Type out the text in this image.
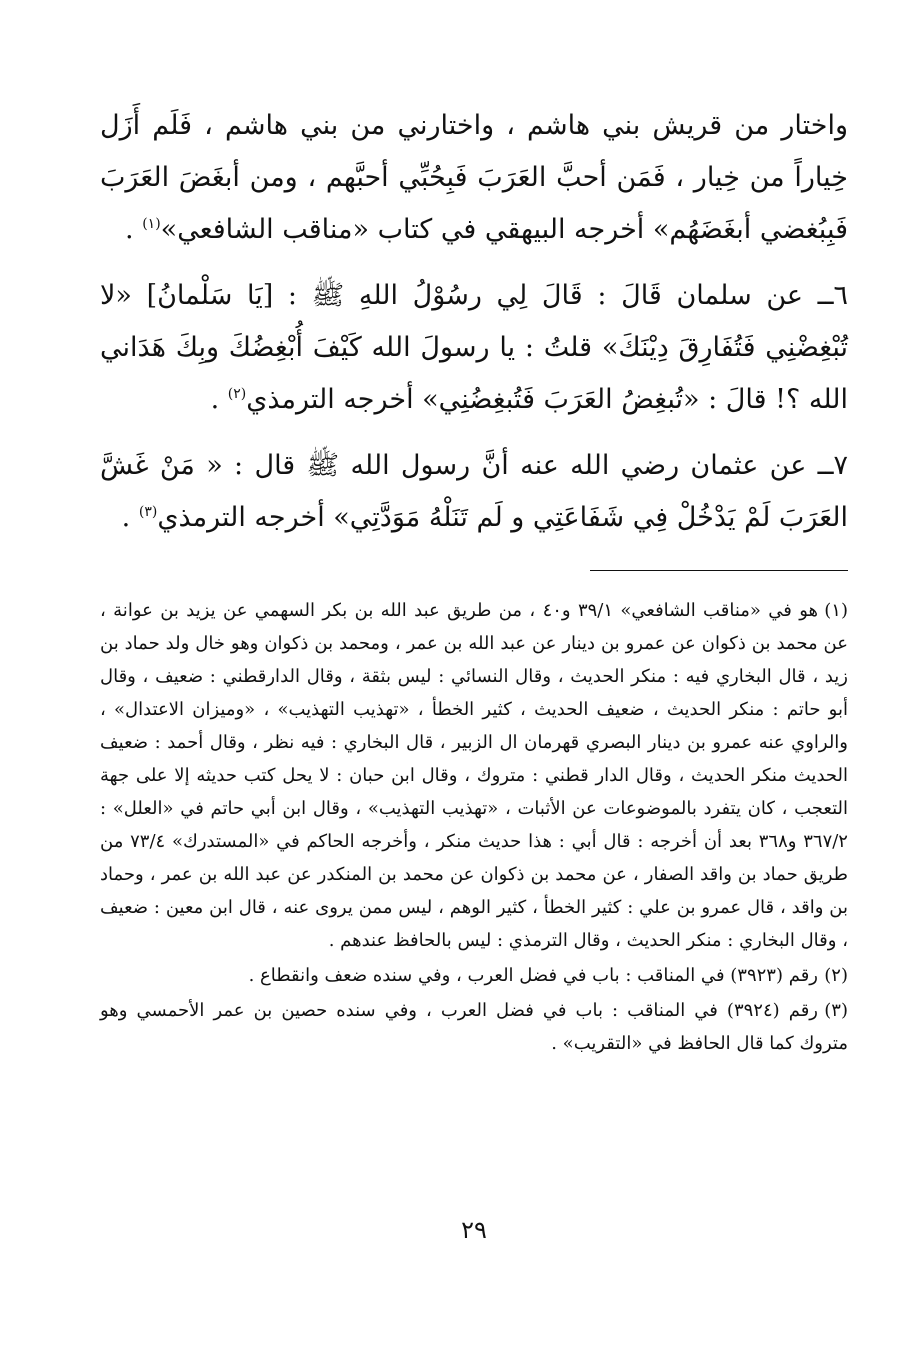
واختار من قريش بني هاشم ، واختارني من بني هاشم ، فَلَم أَزَل خِياراً من خِيار ، فَمَن أحبَّ العَرَبَ فَبِحُبِّي أحبَّهم ، ومن أبغَضَ العَرَبَ فَبِبُغضي أبغَضَهُم» أخرجه البيهقي في كتاب «مناقب الشافعي»$^{(١)}$ .

٦ــ عن سلمان قَالَ : قَالَ لِي رسُوْلُ اللهِ ﷺ : [يَا سَلْمانُ] «لا تُبْغِضْنِي فَتُفَارِقَ دِيْنَكَ» قلتُ : يا رسولَ الله كَيْفَ أُبْغِضُكَ وبِكَ هَدَاني الله ؟! قالَ : «تُبغِضُ العَرَبَ فَتُبغِضُنِي» أخرجه الترمذي$^{(٢)}$ .

٧ــ عن عثمان رضي الله عنه أنَّ رسول الله ﷺ قال : « مَنْ غَشَّ العَرَبَ لَمْ يَدْخُلْ فِي شَفَاعَتِي و لَم تَنَلْهُ مَوَدَّتِي» أخرجه الترمذي$^{(٣)}$ .

(١)هو في «مناقب الشافعي» ٣٩/١ و٤٠ ، من طريق عبد الله بن بكر السهمي عن يزيد بن عوانة ، عن محمد بن ذكوان عن عمرو بن دينار عن عبد الله بن عمر ، ومحمد بن ذكوان وهو خال ولد حماد بن زيد ، قال البخاري فيه : منكر الحديث ، وقال النسائي : ليس بثقة ، وقال الدارقطني : ضعيف ، وقال أبو حاتم : منكر الحديث ، ضعيف الحديث ، كثير الخطأ ، «تهذيب التهذيب» ، «وميزان الاعتدال» ، والراوي عنه عمرو بن دينار البصري قهرمان ال الزبير ، قال البخاري : فيه نظر ، وقال أحمد : ضعيف الحديث منكر الحديث ، وقال الدار قطني : متروك ، وقال ابن حبان : لا يحل كتب حديثه إلا على جهة التعجب ، كان يتفرد بالموضوعات عن الأثبات ، «تهذيب التهذيب» ، وقال ابن أبي حاتم في «العلل» : ٣٦٧/٢ و٣٦٨ بعد أن أخرجه : قال أبي : هذا حديث منكر ، وأخرجه الحاكم في «المستدرك» ٧٣/٤ من طريق حماد بن واقد الصفار ، عن محمد بن ذكوان عن محمد بن المنكدر عن عبد الله بن عمر ، وحماد بن واقد ، قال عمرو بن علي : كثير الخطأ ، كثير الوهم ، ليس ممن يروى عنه ، قال ابن معين : ضعيف ، وقال البخاري : منكر الحديث ، وقال الترمذي : ليس بالحافظ عندهم .

(٢)رقم (٣٩٢٣) في المناقب : باب في فضل العرب ، وفي سنده ضعف وانقطاع .

(٣)رقم (٣٩٢٤) في المناقب : باب في فضل العرب ، وفي سنده حصين بن عمر الأحمسي وهو متروك كما قال الحافظ في «التقريب» .

٢٩
